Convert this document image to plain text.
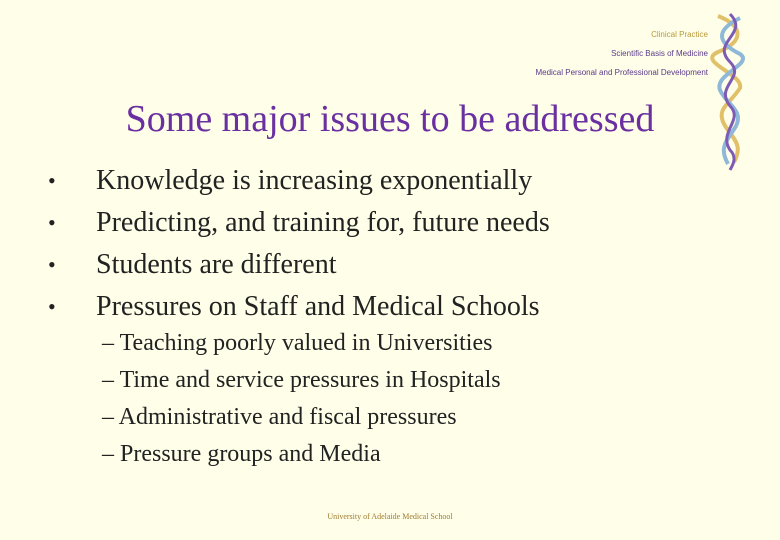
Clinical Practice
Scientific Basis of Medicine
Medical Personal and Professional Development
Some major issues to be addressed
•	Knowledge is increasing exponentially
•	Predicting, and training for, future needs
•	Students are different
•	Pressures on Staff and Medical Schools
– Teaching poorly valued in Universities
– Time and service pressures in Hospitals
– Administrative and fiscal pressures
– Pressure groups and Media
University of Adelaide Medical School
